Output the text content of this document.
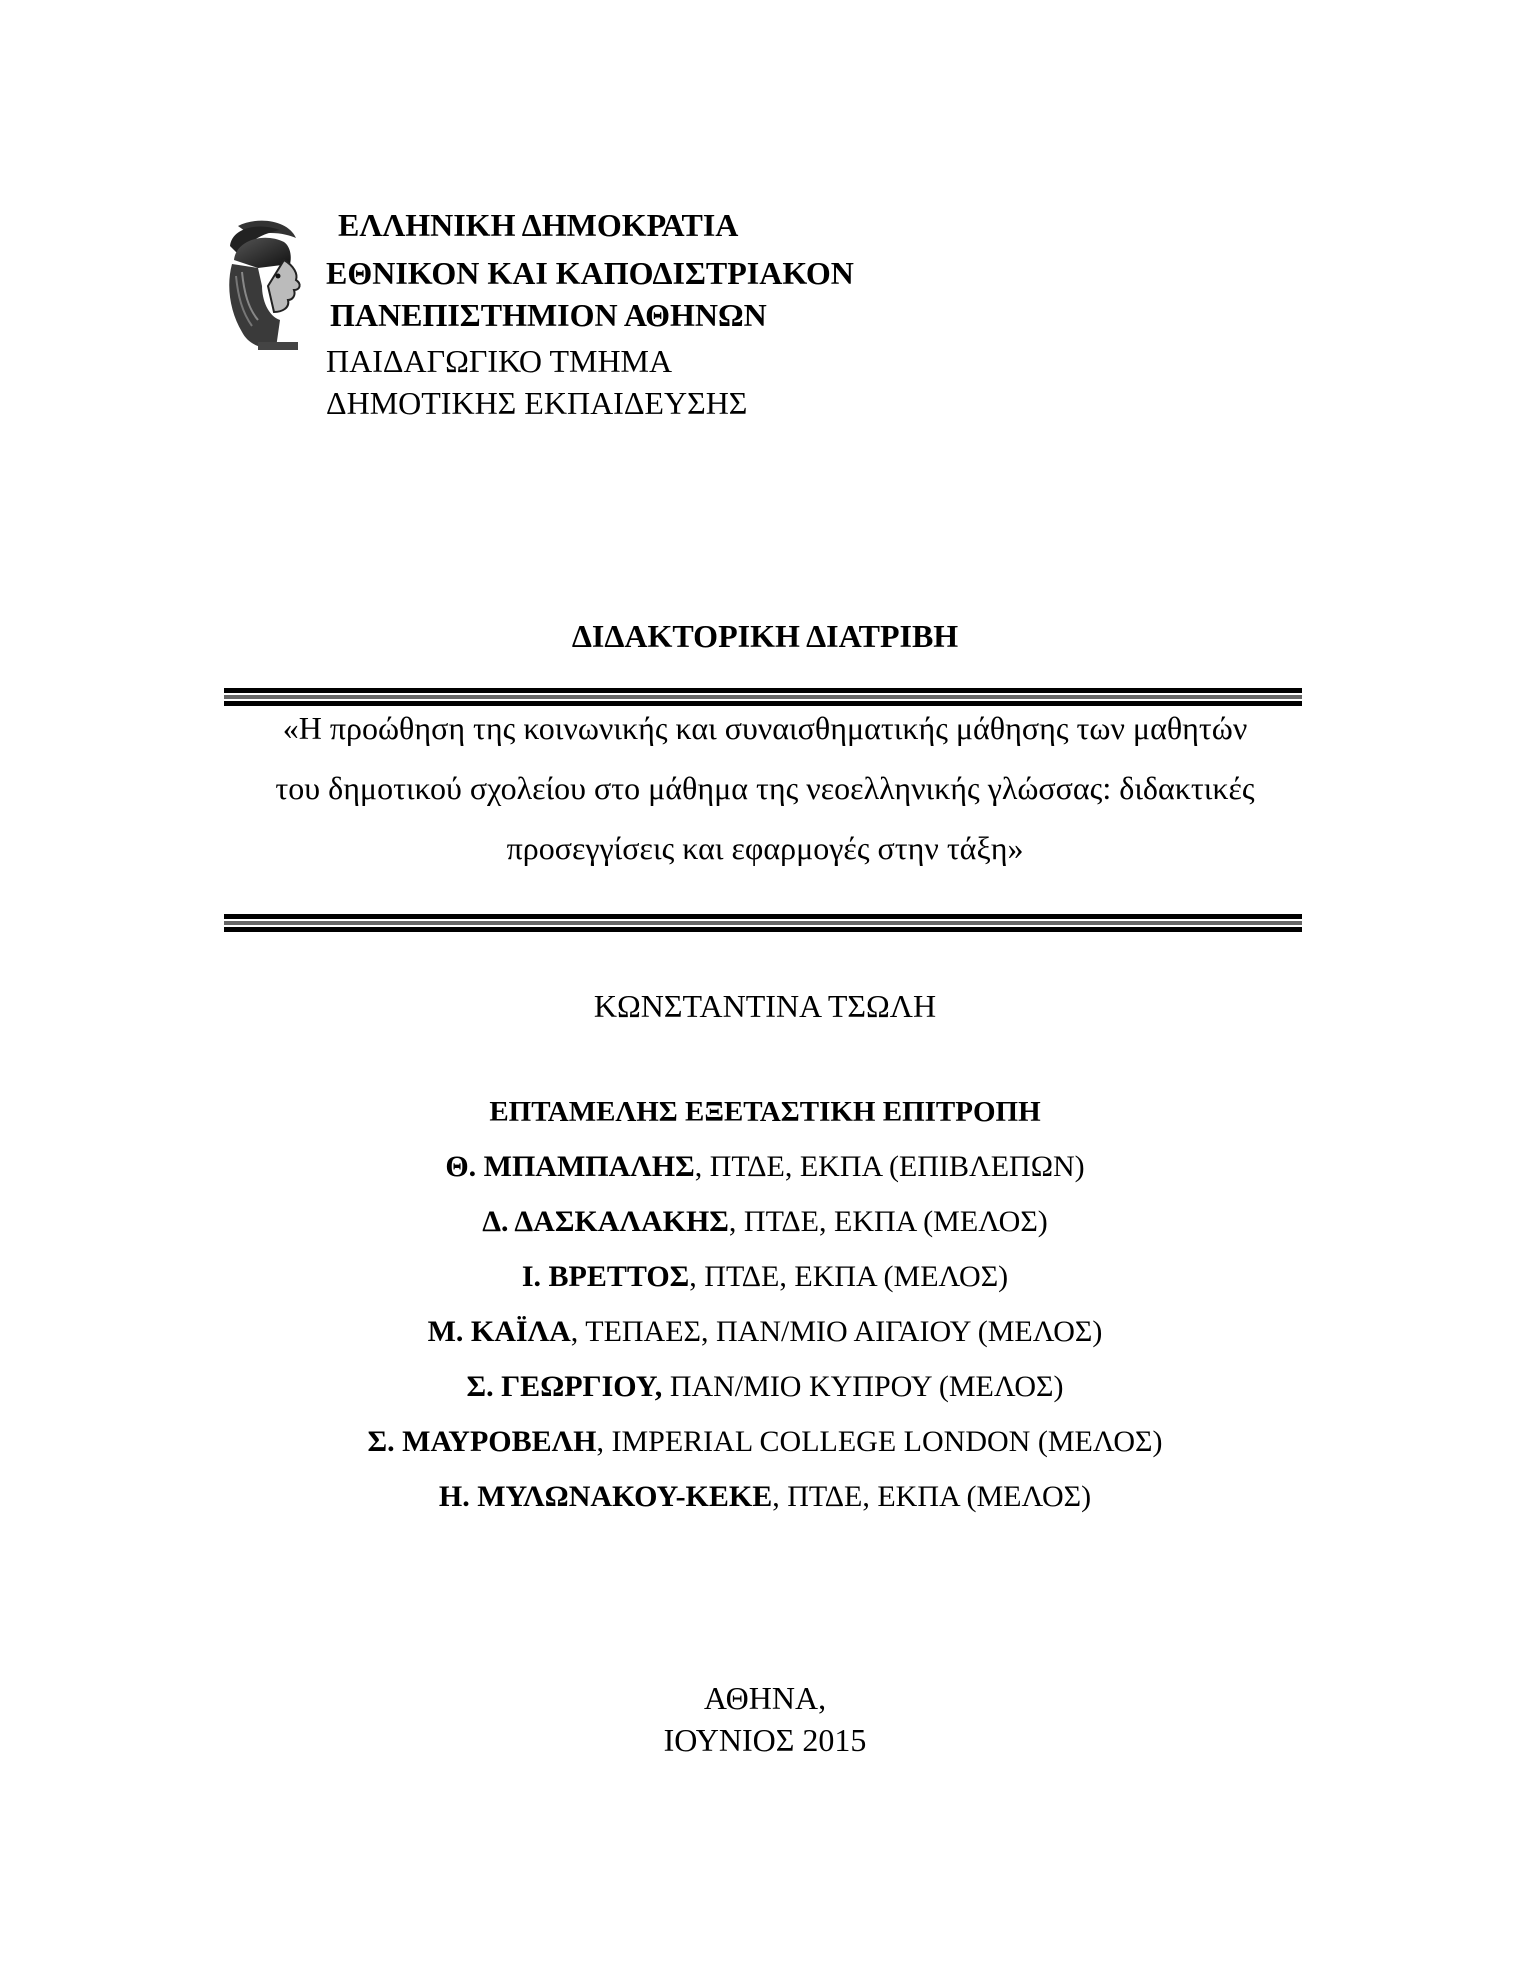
ΕΛΛΗΝΙΚΗ ΔΗΜΟΚΡΑΤΙΑ
ΕΘΝΙΚΟΝ ΚΑΙ ΚΑΠΟΔΙΣΤΡΙΑΚΟΝ
ΠΑΝΕΠΙΣΤΗΜΙΟΝ ΑΘΗΝΩΝ
ΠΑΙΔΑΓΩΓΙΚΟ ΤΜΗΜΑ
ΔΗΜΟΤΙΚΗΣ ΕΚΠΑΙΔΕΥΣΗΣ
ΔΙΔΑΚΤΟΡΙΚΗ ΔΙΑΤΡΙΒΗ
«Η προώθηση της κοινωνικής και συναισθηματικής μάθησης των μαθητών
του δημοτικού σχολείου στο μάθημα της νεοελληνικής γλώσσας: διδακτικές
προσεγγίσεις και εφαρμογές στην τάξη»
ΚΩΝΣΤΑΝΤΙΝΑ ΤΣΩΛΗ
ΕΠΤΑΜΕΛΗΣ ΕΞΕΤΑΣΤΙΚΗ ΕΠΙΤΡΟΠΗ
Θ. ΜΠΑΜΠΑΛΗΣ, ΠΤΔΕ, ΕΚΠΑ (ΕΠΙΒΛΕΠΩΝ)
Δ. ΔΑΣΚΑΛΑΚΗΣ, ΠΤΔΕ, ΕΚΠΑ (ΜΕΛΟΣ)
Ι. ΒΡΕΤΤΟΣ, ΠΤΔΕ, ΕΚΠΑ (ΜΕΛΟΣ)
Μ. ΚΑΪΛΑ, ΤΕΠΑΕΣ, ΠΑΝ/ΜΙΟ ΑΙΓΑΙΟΥ (ΜΕΛΟΣ)
Σ. ΓΕΩΡΓΙΟΥ, ΠΑΝ/ΜΙΟ ΚΥΠΡΟΥ (ΜΕΛΟΣ)
Σ. ΜΑΥΡΟΒΕΛΗ, IMPERIAL COLLEGE LONDON (ΜΕΛΟΣ)
Η. ΜΥΛΩΝΑΚΟΥ-ΚΕΚΕ, ΠΤΔΕ, ΕΚΠΑ (ΜΕΛΟΣ)
ΑΘΗΝΑ,
ΙΟΥΝΙΟΣ 2015
